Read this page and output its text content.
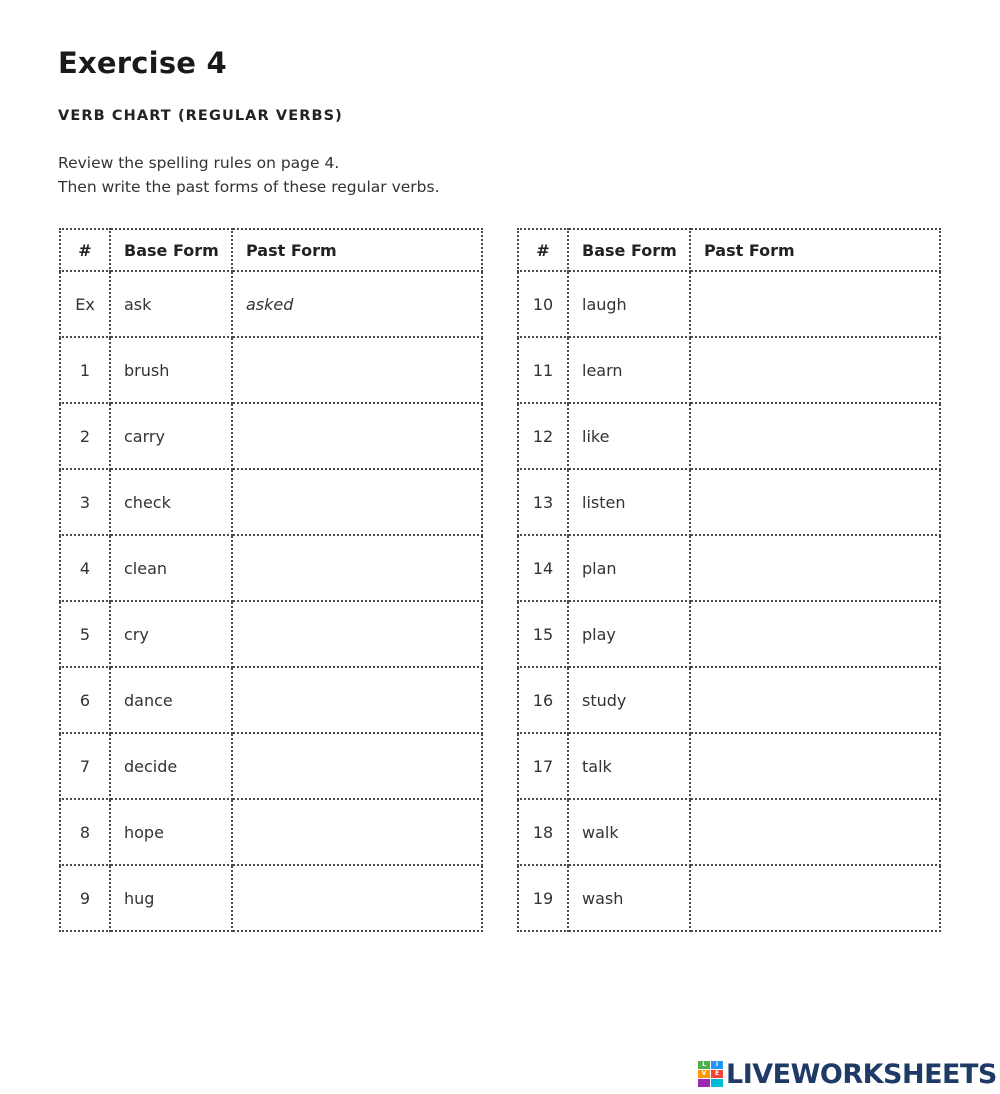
Exercise 4
VERB CHART (REGULAR VERBS)
Review the spelling rules on page 4.
Then write the past forms of these regular verbs.
#	Base Form	Past Form
Ex	ask	asked
1	brush	
2	carry	
3	check	
4	clean	
5	cry	
6	dance	
7	decide	
8	hope	
9	hug	
#	Base Form	Past Form
10	laugh	
11	learn	
12	like	
13	listen	
14	plan	
15	play	
16	study	
17	talk	
18	walk	
19	wash	
L	I
V	E LIVEWORKSHEETS
